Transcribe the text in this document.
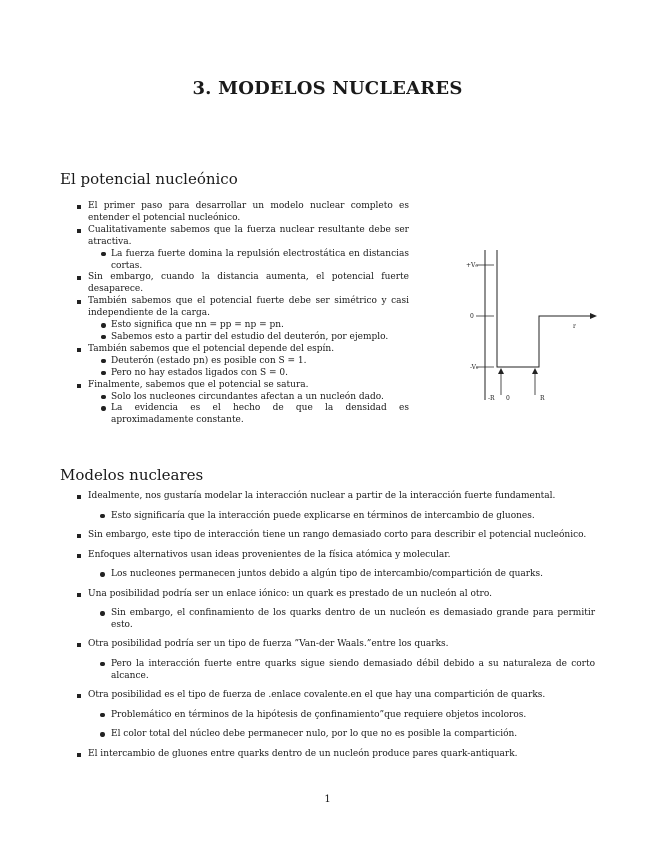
3. MODELOS NUCLEARES
El potencial nucleónico
El primer paso para desarrollar un modelo nuclear completo es entender el potencial nucleónico.
Cualitativamente sabemos que la fuerza nuclear resultante debe ser atractiva.
La fuerza fuerte domina la repulsión electrostática en distancias cortas.
Sin embargo, cuando la distancia aumenta, el potencial fuerte desaparece.
También sabemos que el potencial fuerte debe ser simétrico y casi independiente de la carga.
Esto significa que nn = pp = np = pn.
Sabemos esto a partir del estudio del deuterón, por ejemplo.
También sabemos que el potencial depende del espín.
Deuterón (estado pn) es posible con S = 1.
Pero no hay estados ligados con S = 0.
Finalmente, sabemos que el potencial se satura.
Solo los nucleones circundantes afectan a un nucleón dado.
La evidencia es el hecho de que la densidad es aproximadamente constante.
+V₀
0
-V₀
r
-R 0	R
Modelos nucleares
Idealmente, nos gustaría modelar la interacción nuclear a partir de la interacción fuerte fundamental.
Esto significaría que la interacción puede explicarse en términos de intercambio de gluones.
Sin embargo, este tipo de interacción tiene un rango demasiado corto para describir el potencial nucleónico.
Enfoques alternativos usan ideas provenientes de la física atómica y molecular.
Los nucleones permanecen juntos debido a algún tipo de intercambio/compartición de quarks.
Una posibilidad podría ser un enlace iónico: un quark es prestado de un nucleón al otro.
Sin embargo, el confinamiento de los quarks dentro de un nucleón es demasiado grande para permitir esto.
Otra posibilidad podría ser un tipo de fuerza ”Van-der Waals.”entre los quarks.
Pero la interacción fuerte entre quarks sigue siendo demasiado débil debido a su naturaleza de corto alcance.
Otra posibilidad es el tipo de fuerza de .enlace covalente.en el que hay una compartición de quarks.
Problemático en términos de la hipótesis de çonfinamiento”que requiere objetos incoloros.
El color total del núcleo debe permanecer nulo, por lo que no es posible la compartición.
El intercambio de gluones entre quarks dentro de un nucleón produce pares quark-antiquark.
1
